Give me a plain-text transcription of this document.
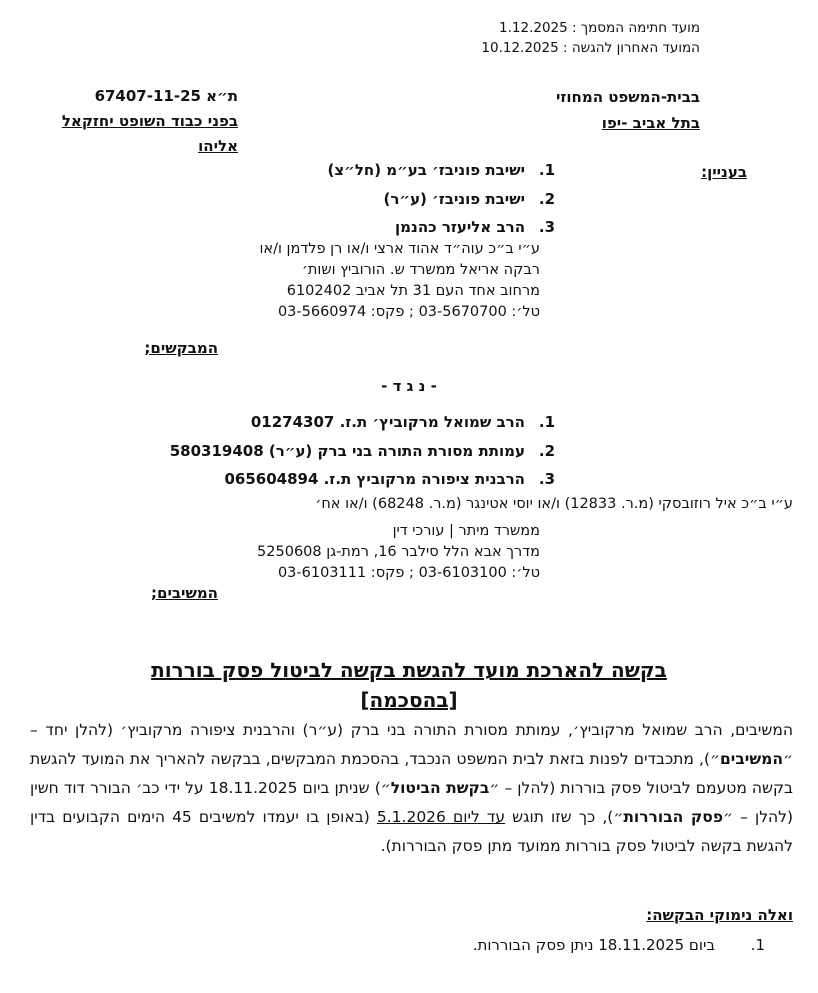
מועד חתימה המסמך : 1.12.2025
המועד האחרון להגשה : 10.12.2025
בבית-המשפט המחוזי
בתל אביב -יפו
ת״א 67407-11-25
בפני כבוד השופט יחזקאל
אליהו
בעניין:
1.
ישיבת פוניבז׳ בע״מ (חל״צ)
2.
ישיבת פוניבז׳ (ע״ר)
3.
הרב אליעזר כהנמן
ע״י ב״כ עוה״ד אהוד ארצי ו/או רן פלדמן ו/או
רבקה אריאל ממשרד ש. הורוביץ ושות׳
מרחוב אחד העם 31 תל אביב 6102402
טל׳: 03-5670700 ; פקס: 03-5660974
המבקשים;
- נ ג ד -
1.
הרב שמואל מרקוביץ׳ ת.ז. 01274307
2.
עמותת מסורת התורה בני ברק (ע״ר) 580319408
3.
הרבנית ציפורה מרקוביץ ת.ז. 065604894
ע״י ב״כ איל רוזובסקי (מ.ר. 12833) ו/או יוסי אטינגר (מ.ר. 68248) ו/או אח׳
ממשרד מיתר | עורכי דין
מדרך אבא הלל סילבר 16, רמת-גן 5250608
טל׳: 03-6103100 ; פקס: 03-6103111
המשיבים;
בקשה להארכת מועד להגשת בקשה לביטול פסק בוררות
[בהסכמה]
המשיבים, הרב שמואל מרקוביץ׳, עמותת מסורת התורה בני ברק (ע״ר) והרבנית ציפורה מרקוביץ׳ (להלן יחד – ״המשיבים״), מתכבדים לפנות בזאת לבית המשפט הנכבד, בהסכמת המבקשים, בבקשה להאריך את המועד להגשת בקשה מטעמם לביטול פסק בוררות (להלן – ״בקשת הביטול״) שניתן ביום 18.11.2025 על ידי כב׳ הבורר דוד חשין (להלן – ״פסק הבוררות״), כך שזו תוגש עד ליום 5.1.2026 (באופן בו יעמדו למשיבים 45 הימים הקבועים בדין להגשת בקשה לביטול פסק בוררות ממועד מתן פסק הבוררות).
ואלה נימוקי הבקשה:
1.
ביום 18.11.2025 ניתן פסק הבוררות.
